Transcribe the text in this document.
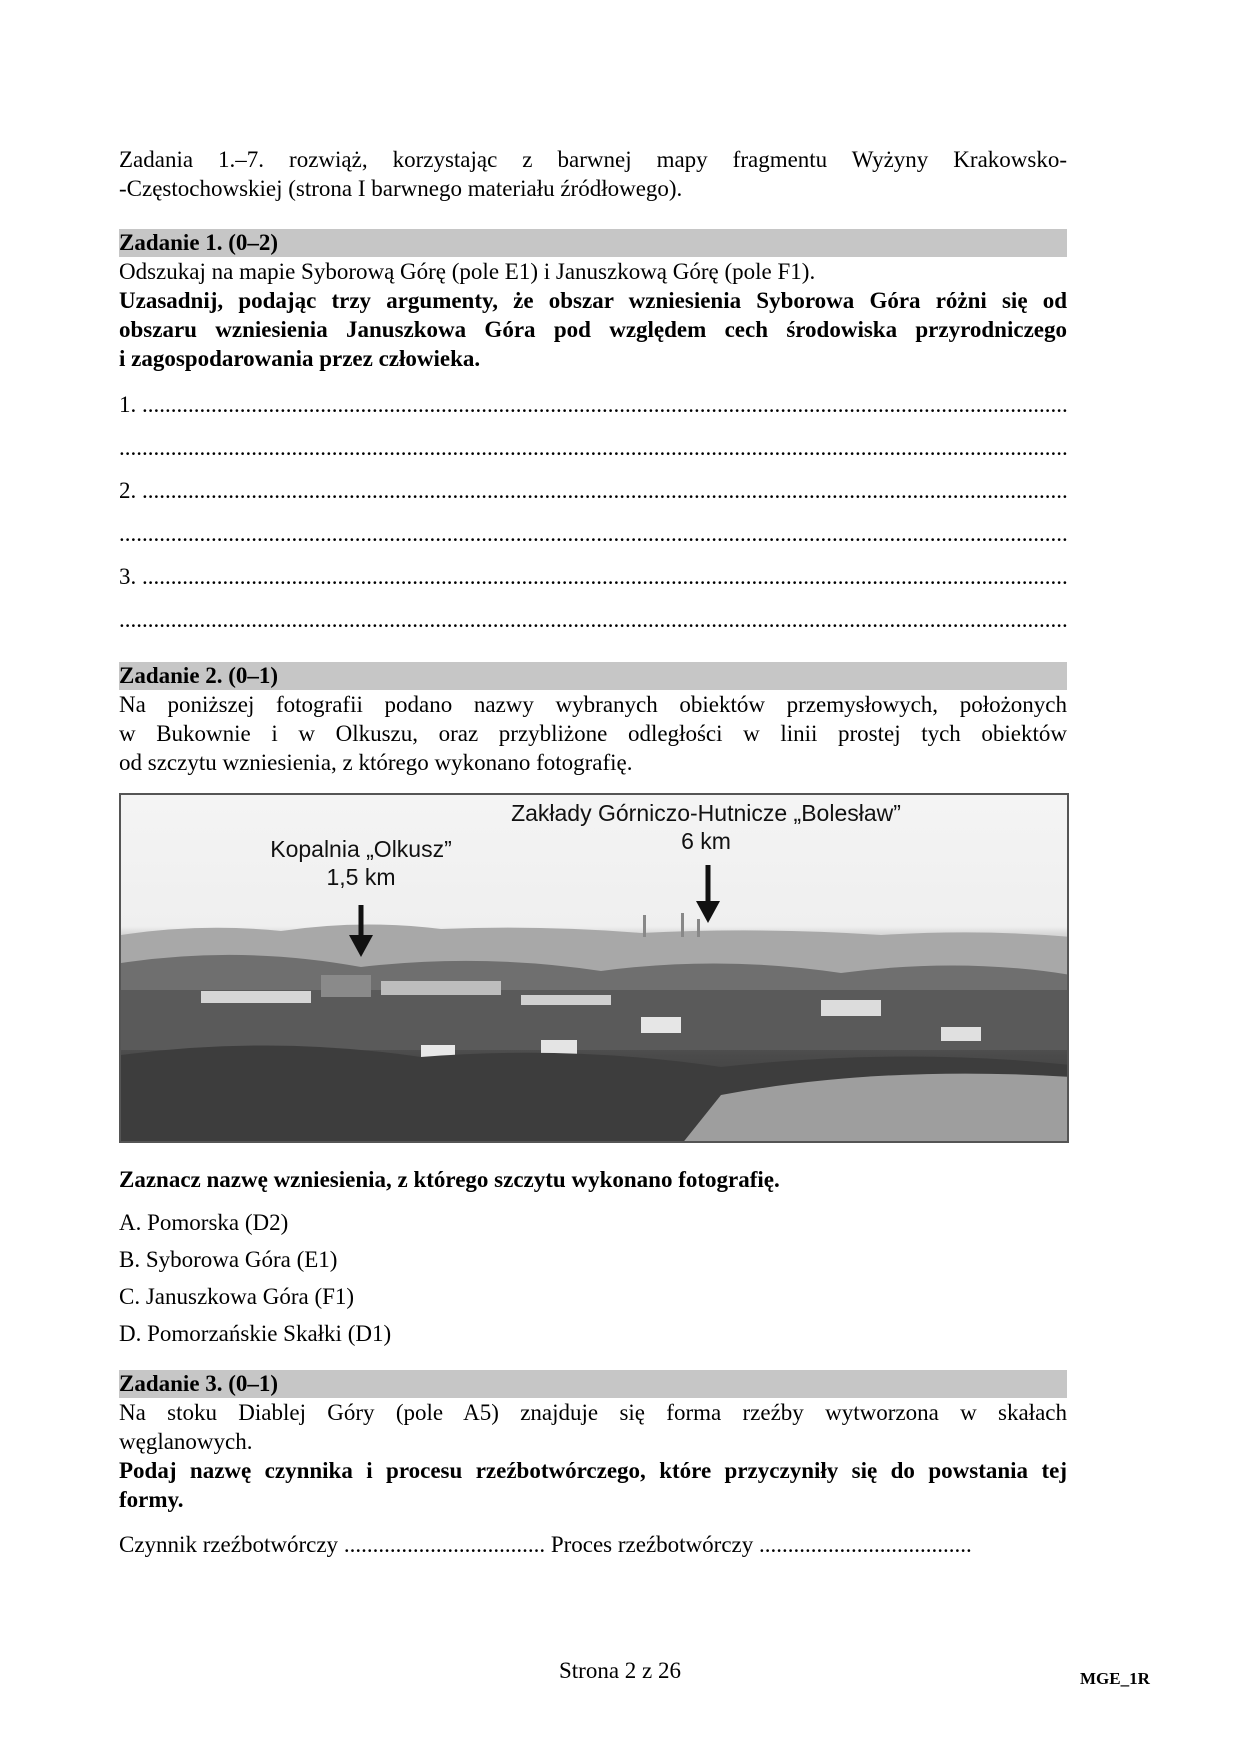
Zadania 1.–7. rozwiąż, korzystając z barwnej mapy fragmentu Wyżyny Krakowsko-

-Częstochowskiej (strona I barwnego materiału źródłowego).

Zadanie 1. (0–2)

Odszukaj na mapie Syborową Górę (pole E1) i Januszkową Górę (pole F1).

Uzasadnij, podając trzy argumenty, że obszar wzniesienia Syborowa Góra różni się od

obszaru wzniesienia Januszkowa Góra pod względem cech środowiska przyrodniczego

i zagospodarowania przez człowieka.

1. .....
.....
2. .....
.....
3. .....
.....

Zadanie 2. (0–1)

Na poniższej fotografii podano nazwy wybranych obiektów przemysłowych, położonych

w Bukownie i w Olkuszu, oraz przybliżone odległości w linii prostej tych obiektów

od szczytu wzniesienia, z którego wykonano fotografię.

Kopalnia „Olkusz”
1,5 km
Zakłady Górniczo-Hutnicze „Bolesław”
6 km

Zaznacz nazwę wzniesienia, z którego szczytu wykonano fotografię.

A. Pomorska (D2)

B. Syborowa Góra (E1)

C. Januszkowa Góra (F1)

D. Pomorzańskie Skałki (D1)

Zadanie 3. (0–1)

Na stoku Diablej Góry (pole A5) znajduje się forma rzeźby wytworzona w skałach

węglanowych.

Podaj nazwę czynnika i procesu rzeźbotwórczego, które przyczyniły się do powstania tej

formy.

Czynnik rzeźbotwórczy ................................... Proces rzeźbotwórczy .....................................

Strona 2 z 26	MGE_1R
